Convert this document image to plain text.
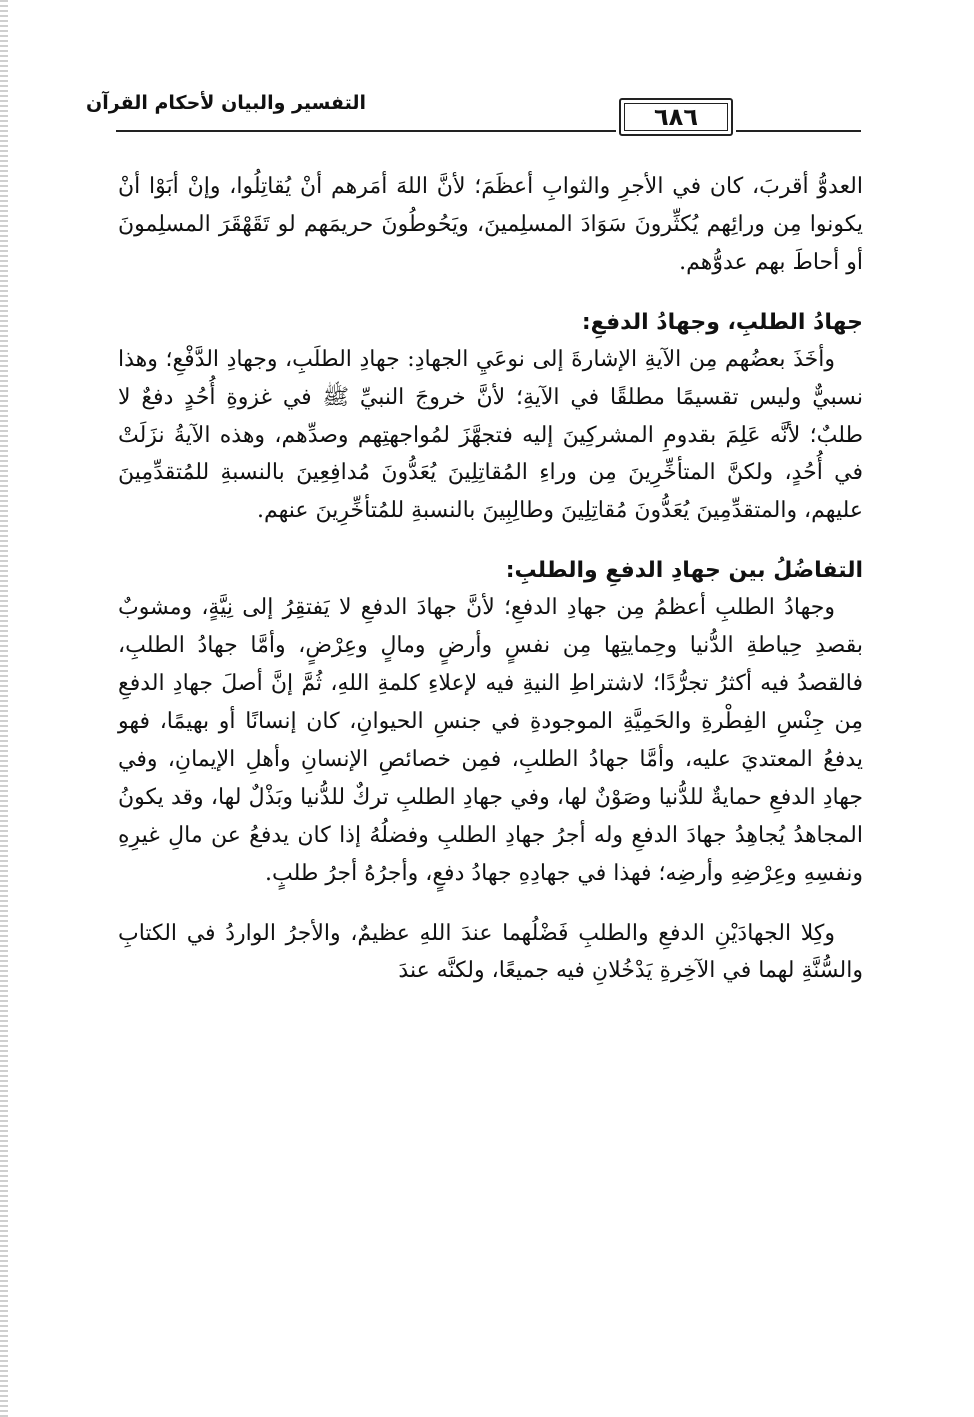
٦٨٦
التفسير والبيان لأحكام القرآن

العدوُّ أقربَ، كان في الأجرِ والثوابِ أعظَمَ؛ لأنَّ اللهَ أمَرهم أنْ يُقاتِلُوا، وإنْ أبَوْا أنْ يكونوا مِن ورائِهم يُكثِّرونَ سَوَادَ المسلِمينَ، ويَحُوطُونَ حريمَهم لو تَقَهْقَرَ المسلِمونَ أو أحاطَ بهم عدوُّهم.

جهادُ الطلبِ، وجهادُ الدفعِ:

وأخَذَ بعضُهم مِن الآيةِ الإشارةَ إلى نوعَيِ الجهادِ: جهادِ الطلَبِ، وجهادِ الدَّفْعِ؛ وهذا نسبيٌّ وليس تقسيمًا مطلقًا في الآيةِ؛ لأنَّ خروجَ النبيِّ ﷺ في غزوةِ أُحُدٍ دفعٌ لا طلبٌ؛ لأنَّه عَلِمَ بقدومِ المشركِينَ إليه فتجهَّزَ لمُواجهتِهم وصدِّهم، وهذه الآيةُ نزَلَتْ في أُحُدٍ، ولكنَّ المتأخِّرِينَ مِن وراءِ المُقاتِلِينَ يُعَدُّونَ مُدافِعِينَ بالنسبةِ للمُتقدِّمِينَ عليهم، والمتقدِّمِينَ يُعَدُّونَ مُقاتِلِينَ وطالِبِينَ بالنسبةِ للمُتأخِّرِينَ عنهم.

التفاضُلُ بين جهادِ الدفعِ والطلبِ:

وجهادُ الطلبِ أعظمُ مِن جهادِ الدفعِ؛ لأنَّ جهادَ الدفعِ لا يَفتقِرُ إلى نِيَّةٍ، ومشوبٌ بقصدِ حِياطةِ الدُّنيا وحِمايتِها مِن نفسٍ وأرضٍ ومالٍ وعِرْضٍ، وأمَّا جهادُ الطلبِ، فالقصدُ فيه أكثرُ تجرُّدًا؛ لاشتراطِ النيةِ فيه لإعلاءِ كلمةِ اللهِ، ثُمَّ إنَّ أصلَ جهادِ الدفعِ مِن جِنْسِ الفِطْرةِ والحَمِيَّةِ الموجودةِ في جنسِ الحيوانِ، كان إنسانًا أو بهيمًا، فهو يدفعُ المعتديَ عليه، وأمَّا جهادُ الطلبِ، فمِن خصائصِ الإنسانِ وأهلِ الإيمانِ، وفي جهادِ الدفعِ حمايةٌ للدُّنيا وصَوْنٌ لها، وفي جهادِ الطلبِ تركٌ للدُّنيا وبَذْلٌ لها، وقد يكونُ المجاهدُ يُجاهِدُ جهادَ الدفعِ وله أجرُ جهادِ الطلبِ وفضلُهُ إذا كان يدفعُ عن مالِ غيرِهِ ونفسِهِ وعِرْضِهِ وأرضِه؛ فهذا في جهادِهِ جهادُ دفعٍ، وأجرُهُ أجرُ طلبٍ.

وكِلا الجهادَيْنِ الدفعِ والطلبِ فَضْلُهما عندَ اللهِ عظيمٌ، والأجرُ الواردُ في الكتابِ والسُّنَّةِ لهما في الآخِرةِ يَدْخُلانِ فيه جميعًا، ولكنَّه عندَ
